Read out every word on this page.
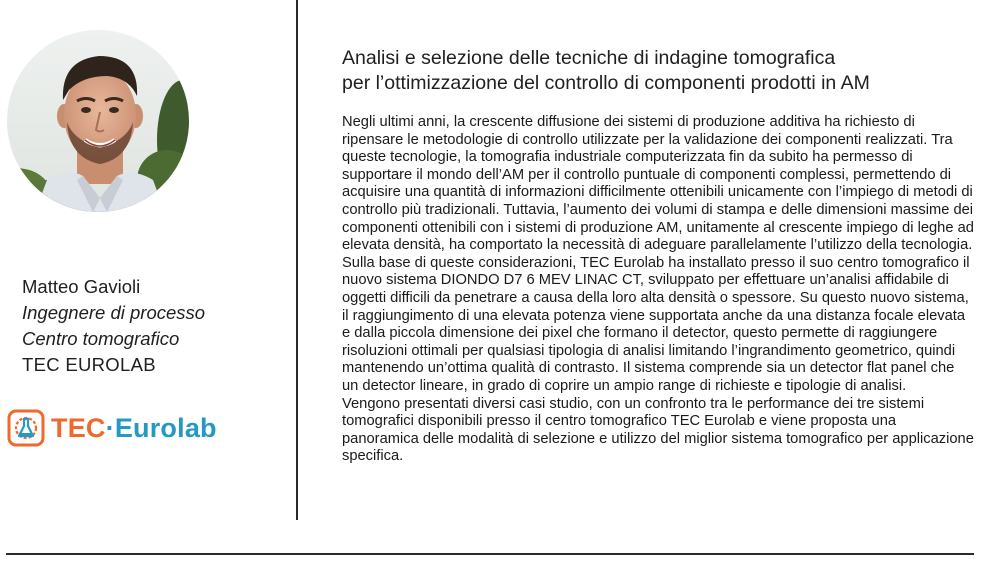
Matteo Gavioli
Ingegnere di processo
Centro tomografico
TEC EUROLAB
TEC·Eurolab
Analisi e selezione delle tecniche di indagine tomografica
per l’ottimizzazione del controllo di componenti prodotti in AM

Negli ultimi anni, la crescente diffusione dei sistemi di produzione additiva ha richiesto di ripensare le metodologie di controllo utilizzate per la validazione dei componenti realizzati. Tra queste tecnologie, la tomografia industriale computerizzata fin da subito ha permesso di supportare il mondo dell’AM per il controllo puntuale di componenti complessi, permettendo di acquisire una quantità di informazioni difficilmente ottenibili unicamente con l’impiego di metodi di controllo più tradizionali. Tuttavia, l’aumento dei volumi di stampa e delle dimensioni massime dei componenti ottenibili con i sistemi di produzione AM, unitamente al crescente impiego di leghe ad elevata densità, ha comportato la necessità di adeguare parallelamente l’utilizzo della tecnologia.

Sulla base di queste considerazioni, TEC Eurolab ha installato presso il suo centro tomografico il nuovo sistema DIONDO D7 6 MEV LINAC CT, sviluppato per effettuare un’analisi affidabile di oggetti difficili da penetrare a causa della loro alta densità o spessore. Su questo nuovo sistema, il raggiungimento di una elevata potenza viene supportata anche da una distanza focale elevata e dalla piccola dimensione dei pixel che formano il detector, questo permette di raggiungere risoluzioni ottimali per qualsiasi tipologia di analisi limitando l’ingrandimento geometrico, quindi mantenendo un’ottima qualità di contrasto. Il sistema comprende sia un detector flat panel che un detector lineare, in grado di coprire un ampio range di richieste e tipologie di analisi.

Vengono presentati diversi casi studio, con un confronto tra le performance dei tre sistemi tomografici disponibili presso il centro tomografico TEC Eurolab e viene proposta una panoramica delle modalità di selezione e utilizzo del miglior sistema tomografico per applicazione specifica.
